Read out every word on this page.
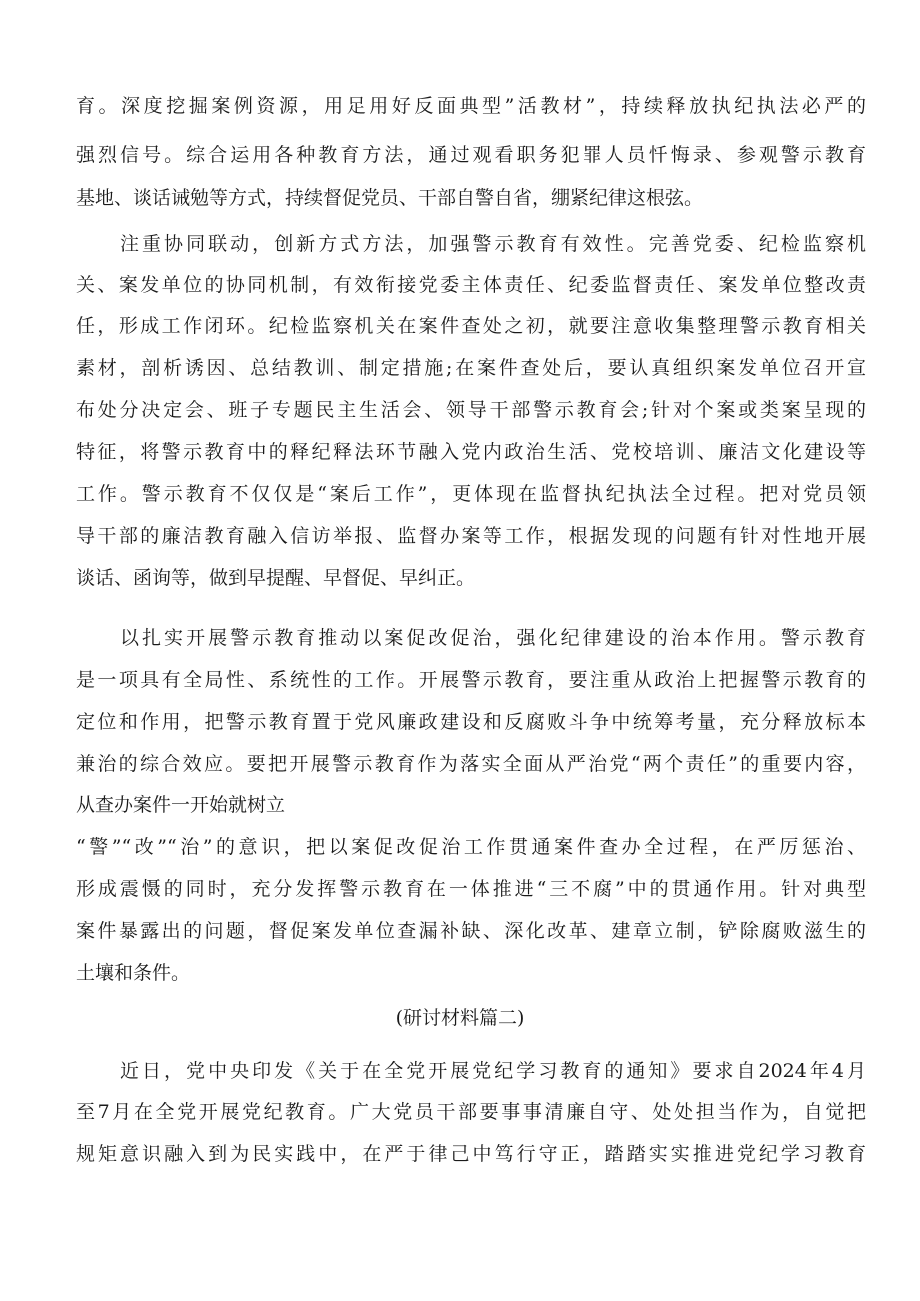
育。深度挖掘案例资源，用足用好反面典型”活教材”，持续释放执纪执法必严的
强烈信号。综合运用各种教育方法，通过观看职务犯罪人员忏悔录、参观警示教育
基地、谈话诫勉等方式，持续督促党员、干部自警自省，绷紧纪律这根弦。
注重协同联动，创新方式方法，加强警示教育有效性。完善党委、纪检监察机
关、案发单位的协同机制，有效衔接党委主体责任、纪委监督责任、案发单位整改责
任，形成工作闭环。纪检监察机关在案件查处之初，就要注意收集整理警示教育相关
素材，剖析诱因、总结教训、制定措施;在案件查处后，要认真组织案发单位召开宣
布处分决定会、班子专题民主生活会、领导干部警示教育会;针对个案或类案呈现的
特征，将警示教育中的释纪释法环节融入党内政治生活、党校培训、廉洁文化建设等
工作。警示教育不仅仅是“案后工作”，更体现在监督执纪执法全过程。把对党员领
导干部的廉洁教育融入信访举报、监督办案等工作，根据发现的问题有针对性地开展
谈话、函询等，做到早提醒、早督促、早纠正。
以扎实开展警示教育推动以案促改促治，强化纪律建设的治本作用。警示教育
是一项具有全局性、系统性的工作。开展警示教育，要注重从政治上把握警示教育的
定位和作用，把警示教育置于党风廉政建设和反腐败斗争中统筹考量，充分释放标本
兼治的综合效应。要把开展警示教育作为落实全面从严治党“两个责任”的重要内容，
从查办案件一开始就树立
“警”“改”“治”的意识，把以案促改促治工作贯通案件查办全过程，在严厉惩治、
形成震慑的同时，充分发挥警示教育在一体推进“三不腐”中的贯通作用。针对典型
案件暴露出的问题，督促案发单位查漏补缺、深化改革、建章立制，铲除腐败滋生的
土壤和条件。
(研讨材料篇二)
近日，党中央印发《关于在全党开展党纪学习教育的通知》要求自2024年4月
至7月在全党开展党纪教育。广大党员干部要事事清廉自守、处处担当作为，自觉把
规矩意识融入到为民实践中，在严于律己中笃行守正，踏踏实实推进党纪学习教育
